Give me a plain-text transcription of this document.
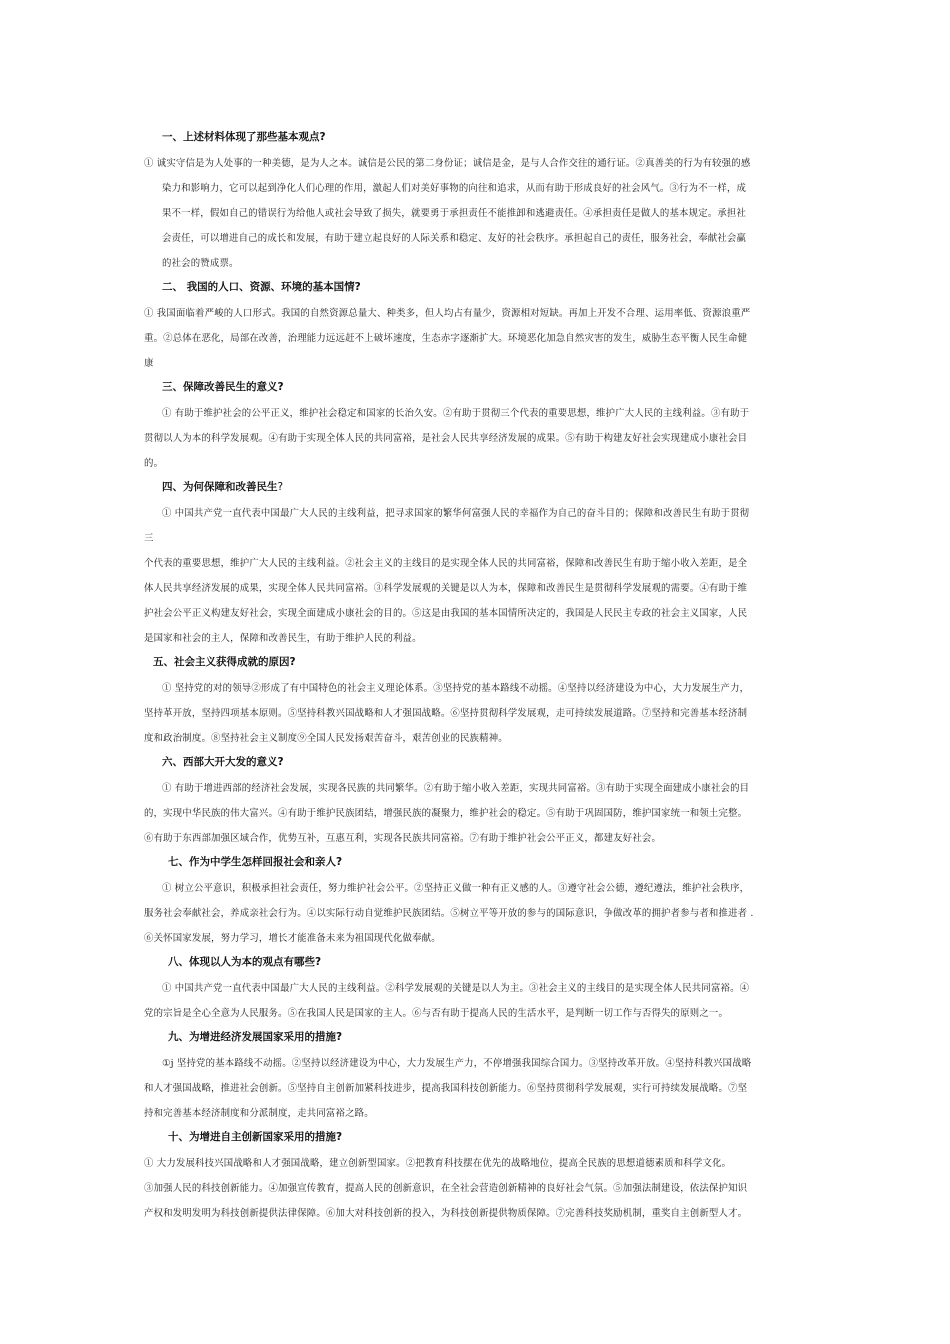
一、上述材料体现了那些基本观点?
① 诚实守信是为人处事的一种美德，是为人之本。诚信是公民的第二身份证；诚信是金，是与人合作交往的通行证。②真善美的行为有较强的感
染力和影响力，它可以起到净化人们心理的作用，激起人们对美好事物的向往和追求，从而有助于形成良好的社会风气。③行为不一样，成
果不一样，假如自己的错误行为给他人或社会导致了损失，就要勇于承担责任不能推卸和逃避责任。④承担责任是做人的基本规定。承担社
会责任，可以增进自己的成长和发展，有助于建立起良好的人际关系和稳定、友好的社会秩序。承担起自己的责任，服务社会，奉献社会赢
的社会的赞成票。
二、 我国的人口、资源、环境的基本国情?
① 我国面临着严峻的人口形式。我国的自然资源总量大、种类多，但人均占有量少，资源相对短缺。再加上开发不合理、运用率低、资源浪重严
重。②总体在恶化，局部在改善，治理能力远远赶不上破坏速度，生态赤字逐渐扩大。环境恶化加急自然灾害的发生，威胁生态平衡人民生命健
康
三、保障改善民生的意义?
① 有助于维护社会的公平正义，维护社会稳定和国家的长治久安。②有助于贯彻三个代表的重要思想，维护广大人民的主线利益。③有助于
贯彻以人为本的科学发展观。④有助于实现全体人民的共同富裕，是社会人民共享经济发展的成果。⑤有助于构建友好社会实现建成小康社会目
的。
四、为何保障和改善民生?
① 中国共产党一直代表中国最广大人民的主线利益，把寻求国家的繁华何富强人民的幸福作为自己的奋斗目的；保障和改善民生有助于贯彻
三
个代表的重要思想，维护广大人民的主线利益。②社会主义的主线目的是实现全体人民的共同富裕，保障和改善民生有助于缩小收入差距，是全
体人民共享经济发展的成果，实现全体人民共同富裕。③科学发展观的关键是以人为本，保障和改善民生是贯彻科学发展观的需要。④有助于维
护社会公平正义构建友好社会，实现全面建成小康社会的目的。⑤这是由我国的基本国情所决定的，我国是人民民主专政的社会主义国家，人民
是国家和社会的主人，保障和改善民生，有助于维护人民的利益。
五、社会主义获得成就的原因?
① 坚持党的对的领导②形成了有中国特色的社会主义理论体系。③坚持党的基本路线不动摇。④坚持以经济建设为中心，大力发展生产力，
坚持革开放，坚持四项基本原则。⑤坚持科教兴国战略和人才强国战略。⑥坚持贯彻科学发展观，走可持续发展道路。⑦坚持和完善基本经济制
度和政治制度。⑧坚持社会主义制度⑨全国人民发扬艰苦奋斗，艰苦创业的民族精神。
六、西部大开大发的意义?
① 有助于增进西部的经济社会发展，实现各民族的共同繁华。②有助于缩小收入差距，实现共同富裕。③有助于实现全面建成小康社会的目
的，实现中华民族的伟大富兴。④有助于维护民族团结，增强民族的凝聚力，维护社会的稳定。⑤有助于巩固国防，维护国家统一和领土完整。
⑥有助于东西部加强区域合作，优势互补，互惠互利，实现各民族共同富裕。⑦有助于维护社会公平正义，都建友好社会。
七、作为中学生怎样回报社会和亲人?
① 树立公平意识，积极承担社会责任，努力维护社会公平。②坚持正义做一种有正义感的人。③遵守社会公德，遵纪遵法，维护社会秩序，
服务社会奉献社会，养成亲社会行为。④以实际行动自觉维护民族团结。⑤树立平等开放的参与的国际意识，争做改革的拥护者参与者和推进者 .
⑥关怀国家发展，努力学习，增长才能准备未来为祖国现代化做奉献。
八、体现以人为本的观点有哪些?
① 中国共产党一直代表中国最广大人民的主线利益。②科学发展观的关键是以人为主。③社会主义的主线目的是实现全体人民共同富裕。④
党的宗旨是全心全意为人民服务。⑤在我国人民是国家的主人。⑥与否有助于提高人民的生活水平，是判断一切工作与否得失的原则之一。
九、为增进经济发展国家采用的措施?
①j 坚持党的基本路线不动摇。②坚持以经济建设为中心，大力发展生产力，不停增强我国综合国力。③坚持改革开放。④坚持科教兴国战略
和人才强国战略，推进社会创新。⑤坚持自主创新加紧科技进步，提高我国科技创新能力。⑥坚持贯彻科学发展观，实行可持续发展战略。⑦坚
持和完善基本经济制度和分派制度，走共同富裕之路。
十、为增进自主创新国家采用的措施?
① 大力发展科技兴国战略和人才强国战略，建立创新型国家。②把教育科技摆在优先的战略地位，提高全民族的思想道德素质和科学文化。
③加强人民的科技创新能力。④加强宣传教育，提高人民的创新意识，在全社会营造创新精神的良好社会气氛。⑤加强法制建设，依法保护知识
产权和发明发明为科技创新提供法律保障。⑥加大对科技创新的投入，为科技创新提供物质保障。⑦完善科技奖励机制，重奖自主创新型人才。
